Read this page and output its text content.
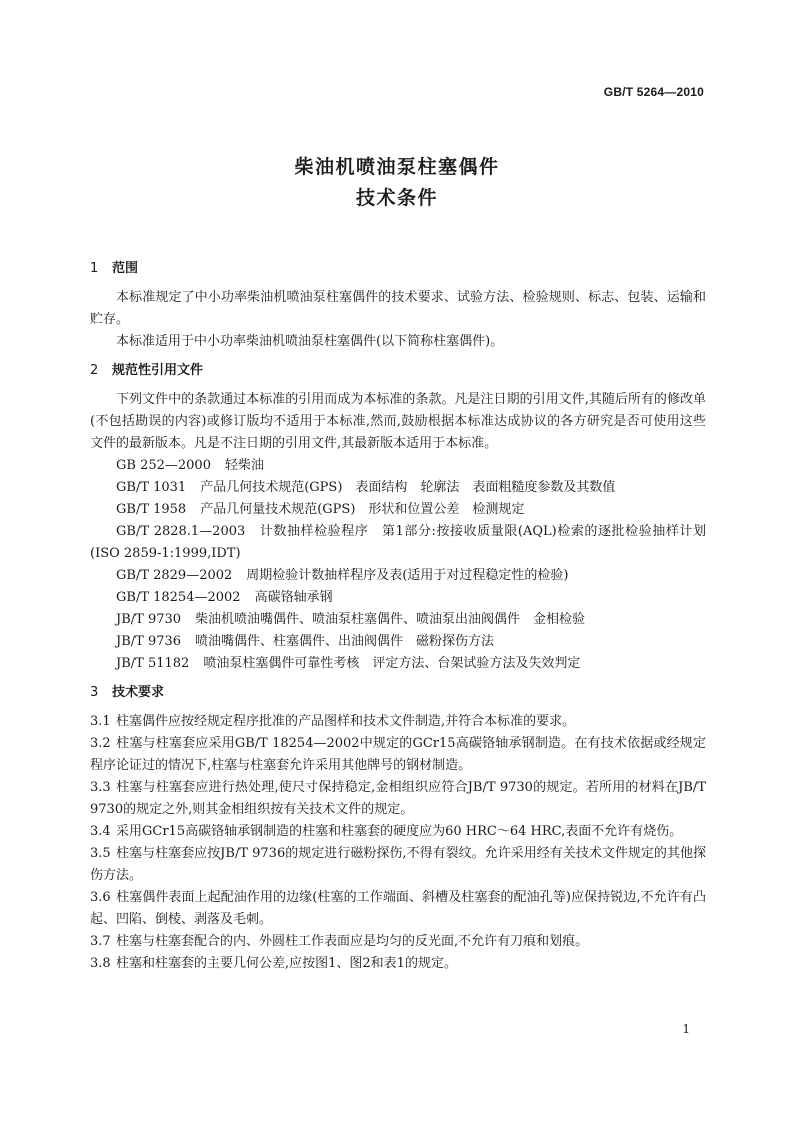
GB/T 5264—2010
柴油机喷油泵柱塞偶件
技术条件
1 范围

本标准规定了中小功率柴油机喷油泵柱塞偶件的技术要求、试验方法、检验规则、标志、包装、运输和贮存。

本标准适用于中小功率柴油机喷油泵柱塞偶件(以下简称柱塞偶件)。

2 规范性引用文件

下列文件中的条款通过本标准的引用而成为本标准的条款。凡是注日期的引用文件,其随后所有的修改单(不包括勘误的内容)或修订版均不适用于本标准,然而,鼓励根据本标准达成协议的各方研究是否可使用这些文件的最新版本。凡是不注日期的引用文件,其最新版本适用于本标准。

GB 252—2000 轻柴油

GB/T 1031 产品几何技术规范(GPS)　表面结构　轮廓法　表面粗糙度参数及其数值

GB/T 1958 产品几何量技术规范(GPS)　形状和位置公差　检测规定

GB/T 2828.1—2003 计数抽样检验程序　第1部分:按接收质量限(AQL)检索的逐批检验抽样计划(ISO 2859-1:1999,IDT)

GB/T 2829—2002 周期检验计数抽样程序及表(适用于对过程稳定性的检验)

GB/T 18254—2002 高碳铬轴承钢

JB/T 9730 柴油机喷油嘴偶件、喷油泵柱塞偶件、喷油泵出油阀偶件　金相检验

JB/T 9736 喷油嘴偶件、柱塞偶件、出油阀偶件　磁粉探伤方法

JB/T 51182 喷油泵柱塞偶件可靠性考核　评定方法、台架试验方法及失效判定

3 技术要求

3.1 柱塞偶件应按经规定程序批准的产品图样和技术文件制造,并符合本标准的要求。

3.2 柱塞与柱塞套应采用GB/T 18254—2002中规定的GCr15高碳铬轴承钢制造。在有技术依据或经规定程序论证过的情况下,柱塞与柱塞套允许采用其他牌号的钢材制造。

3.3 柱塞与柱塞套应进行热处理,使尺寸保持稳定,金相组织应符合JB/T 9730的规定。若所用的材料在JB/T 9730的规定之外,则其金相组织按有关技术文件的规定。

3.4 采用GCr15高碳铬轴承钢制造的柱塞和柱塞套的硬度应为60 HRC～64 HRC,表面不允许有烧伤。

3.5 柱塞与柱塞套应按JB/T 9736的规定进行磁粉探伤,不得有裂纹。允许采用经有关技术文件规定的其他探伤方法。

3.6 柱塞偶件表面上起配油作用的边缘(柱塞的工作端面、斜槽及柱塞套的配油孔等)应保持锐边,不允许有凸起、凹陷、倒棱、剥落及毛刺。

3.7 柱塞与柱塞套配合的内、外圆柱工作表面应是均匀的反光面,不允许有刀痕和划痕。

3.8 柱塞和柱塞套的主要几何公差,应按图1、图2和表1的规定。

1
